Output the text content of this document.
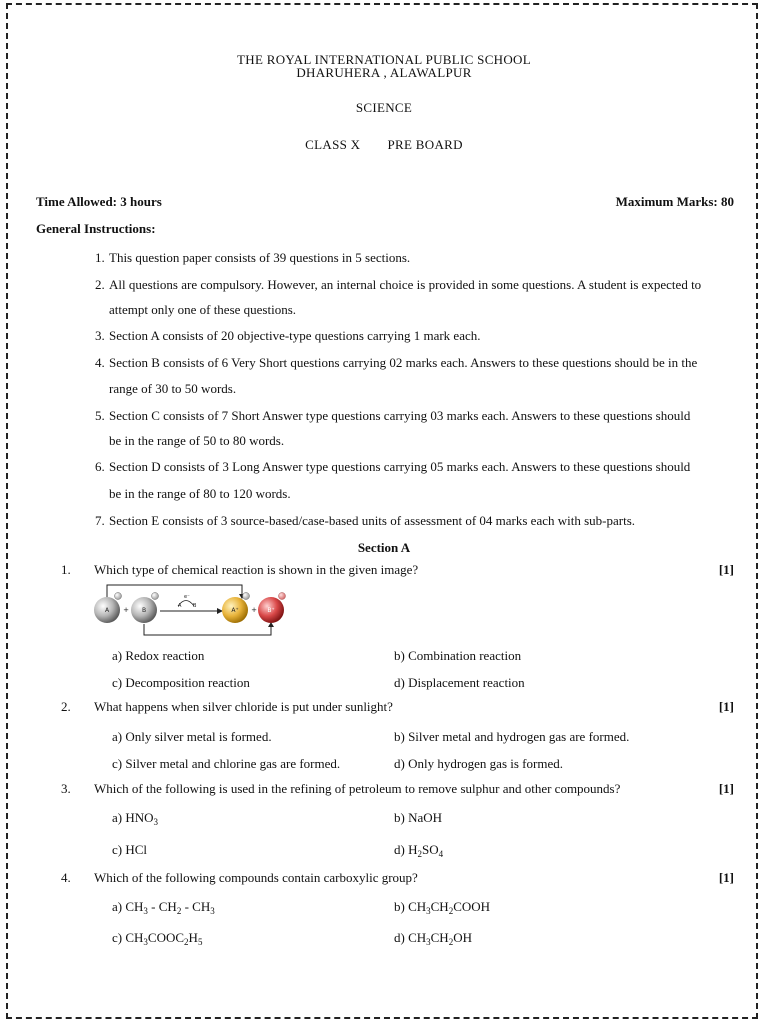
THE ROYAL INTERNATIONAL PUBLIC SCHOOL
DHARUHERA , ALAWALPUR
SCIENCE
CLASS X PRE BOARD
Time Allowed: 3 hours	Maximum Marks: 80
General Instructions:
1. This question paper consists of 39 questions in 5 sections.
2. All questions are compulsory. However, an internal choice is provided in some questions. A student is expected to
attempt only one of these questions.
3. Section A consists of 20 objective-type questions carrying 1 mark each.
4. Section B consists of 6 Very Short questions carrying 02 marks each. Answers to these questions should be in the
range of 30 to 50 words.
5. Section C consists of 7 Short Answer type questions carrying 03 marks each. Answers to these questions should
be in the range of 50 to 80 words.
6. Section D consists of 3 Long Answer type questions carrying 05 marks each. Answers to these questions should
be in the range of 80 to 120 words.
7. Section E consists of 3 source-based/case-based units of assessment of 04 marks each with sub-parts.
Section A
1. Which type of chemical reaction is shown in the given image?	[1]
A B
e⁻
A + B	A⁺ + B⁺
a) Redox reaction	b) Combination reaction
c) Decomposition reaction	d) Displacement reaction
2. What happens when silver chloride is put under sunlight?	[1]
a) Only silver metal is formed.	b) Silver metal and hydrogen gas are formed.
c) Silver metal and chlorine gas are formed.	d) Only hydrogen gas is formed.
3. Which of the following is used in the refining of petroleum to remove sulphur and other compounds?	[1]
a) $HNO_3$	b) NaOH
c) HCl	d) $H_2SO_4$
4. Which of the following compounds contain carboxylic group?	[1]
a) $CH_3 - CH_2 - CH_3$	b) $CH_3CH_2COOH$
c) $CH_3COOC_2H_5$	d) $CH_3CH_2OH$
